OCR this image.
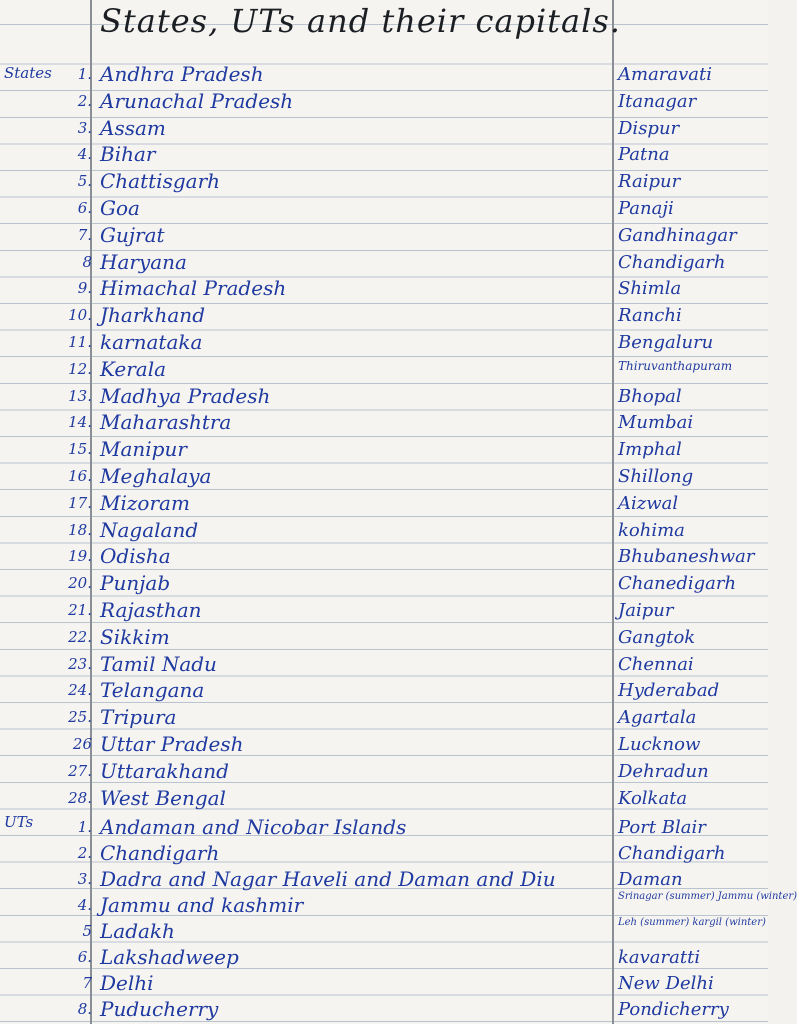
States, UTs and their capitals.
States
UTs
1. Andhra Pradesh	Amaravati
2. Arunachal Pradesh	Itanagar
3. Assam	Dispur
4. Bihar	Patna
5. Chattisgarh	Raipur
6. Goa	Panaji
7. Gujrat	Gandhinagar
8 Haryana	Chandigarh
9. Himachal Pradesh	Shimla
10. Jharkhand	Ranchi
11. karnataka	Bengaluru
12. Kerala	Thiruvanthapuram
13. Madhya Pradesh	Bhopal
14. Maharashtra	Mumbai
15. Manipur	Imphal
16. Meghalaya	Shillong
17. Mizoram	Aizwal
18. Nagaland	kohima
19. Odisha	Bhubaneshwar
20. Punjab	Chanedigarh
21. Rajasthan	Jaipur
22. Sikkim	Gangtok
23. Tamil Nadu	Chennai
24. Telangana	Hyderabad
25. Tripura	Agartala
26 Uttar Pradesh	Lucknow
27. Uttarakhand	Dehradun
28. West Bengal	Kolkata
1. Andaman and Nicobar Islands	Port Blair
2. Chandigarh	Chandigarh
3. Dadra and Nagar Haveli and Daman and Diu	Daman
4. Jammu and kashmir	Srinagar (summer) Jammu (winter)
5 Ladakh	Leh (summer) kargil (winter)
6. Lakshadweep	kavaratti
7 Delhi	New Delhi
8. Puducherry	Pondicherry
